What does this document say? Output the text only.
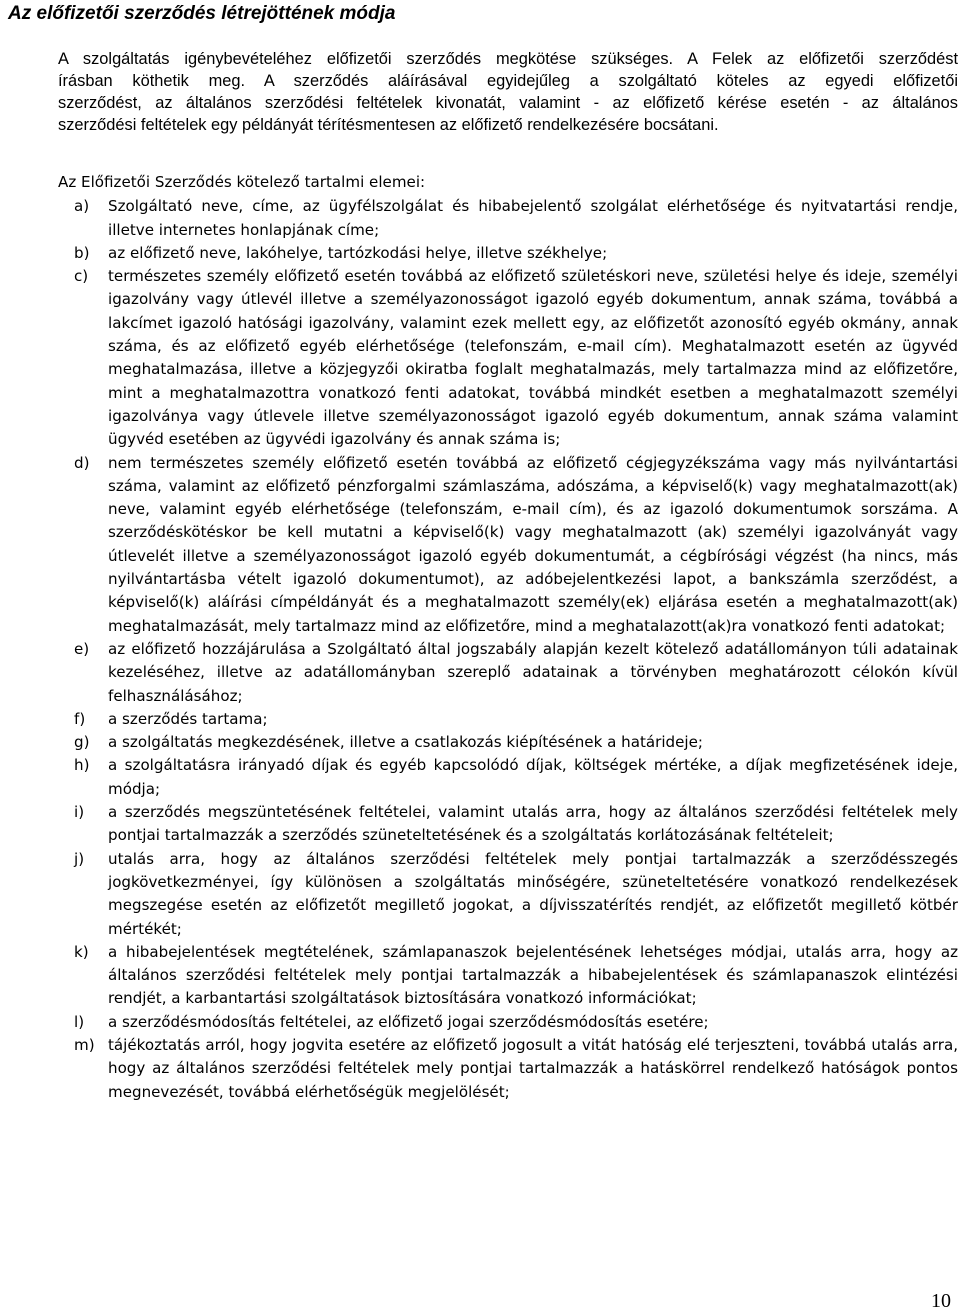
Az előfizetői szerződés létrejöttének módja
A szolgáltatás igénybevételéhez előfizetői szerződés megkötése szükséges. A Felek az előfizetői szerződést
írásban köthetik meg. A szerződés aláírásával egyidejűleg a szolgáltató köteles az egyedi előfizetői
szerződést, az általános szerződési feltételek kivonatát, valamint - az előfizető kérése esetén - az általános
szerződési feltételek egy példányát térítésmentesen az előfizető rendelkezésére bocsátani.
Az Előfizetői Szerződés kötelező tartalmi elemei:
a) Szolgáltató neve, címe, az ügyfélszolgálat és hibabejelentő szolgálat elérhetősége és nyitvatartási rendje, illetve internetes honlapjának címe;
b) az előfizető neve, lakóhelye, tartózkodási helye, illetve székhelye;
c) természetes személy előfizető esetén továbbá az előfizető születéskori neve, születési helye és ideje, személyi igazolvány vagy útlevél illetve a személyazonosságot igazoló egyéb dokumentum, annak száma, továbbá a lakcímet igazoló hatósági igazolvány, valamint ezek mellett egy, az előfizetőt azonosító egyéb okmány, annak száma, és az előfizető egyéb elérhetősége (telefonszám, e-mail cím). Meghatalmazott esetén az ügyvéd meghatalmazása, illetve a közjegyzői okiratba foglalt meghatalmazás, mely tartalmazza mind az előfizetőre, mint a meghatalmazottra vonatkozó fenti adatokat, továbbá mindkét esetben a meghatalmazott személyi igazolványa vagy útlevele illetve személyazonosságot igazoló egyéb dokumentum, annak száma valamint ügyvéd esetében az ügyvédi igazolvány és annak száma is;
d) nem természetes személy előfizető esetén továbbá az előfizető cégjegyzékszáma vagy más nyilvántartási száma, valamint az előfizető pénzforgalmi számlaszáma, adószáma, a képviselő(k) vagy meghatalmazott(ak) neve, valamint egyéb elérhetősége (telefonszám, e-mail cím), és az igazoló dokumentumok sorszáma. A szerződéskötéskor be kell mutatni a képviselő(k) vagy meghatalmazott (ak) személyi igazolványát vagy útlevelét illetve a személyazonosságot igazoló egyéb dokumentumát, a cégbírósági végzést (ha nincs, más nyilvántartásba vételt igazoló dokumentumot), az adóbejelentkezési lapot, a bankszámla szerződést, a képviselő(k) aláírási címpéldányát és a meghatalmazott személy(ek) eljárása esetén a meghatalmazott(ak) meghatalmazását, mely tartalmazz mind az előfizetőre, mind a meghatalazott(ak)ra vonatkozó fenti adatokat;
e) az előfizető hozzájárulása a Szolgáltató által jogszabály alapján kezelt kötelező adatállományon túli adatainak kezeléséhez, illetve az adatállományban szereplő adatainak a törvényben meghatározott célokón kívül felhasználásához;
f) a szerződés tartama;
g) a szolgáltatás megkezdésének, illetve a csatlakozás kiépítésének a határideje;
h) a szolgáltatásra irányadó díjak és egyéb kapcsolódó díjak, költségek mértéke, a díjak megfizetésének ideje, módja;
i) a szerződés megszüntetésének feltételei, valamint utalás arra, hogy az általános szerződési feltételek mely pontjai tartalmazzák a szerződés szüneteltetésének és a szolgáltatás korlátozásának feltételeit;
j) utalás arra, hogy az általános szerződési feltételek mely pontjai tartalmazzák a szerződésszegés jogkövetkezményei, így különösen a szolgáltatás minőségére, szüneteltetésére vonatkozó rendelkezések megszegése esetén az előfizetőt megillető jogokat, a díjvisszatérítés rendjét, az előfizetőt megillető kötbér mértékét;
k) a hibabejelentések megtételének, számlapanaszok bejelentésének lehetséges módjai, utalás arra, hogy az általános szerződési feltételek mely pontjai tartalmazzák a hibabejelentések és számlapanaszok elintézési rendjét, a karbantartási szolgáltatások biztosítására vonatkozó információkat;
l) a szerződésmódosítás feltételei, az előfizető jogai szerződésmódosítás esetére;
m) tájékoztatás arról, hogy jogvita esetére az előfizető jogosult a vitát hatóság elé terjeszteni, továbbá utalás arra, hogy az általános szerződési feltételek mely pontjai tartalmazzák a hatáskörrel rendelkező hatóságok pontos megnevezését, továbbá elérhetőségük megjelölését;
10
